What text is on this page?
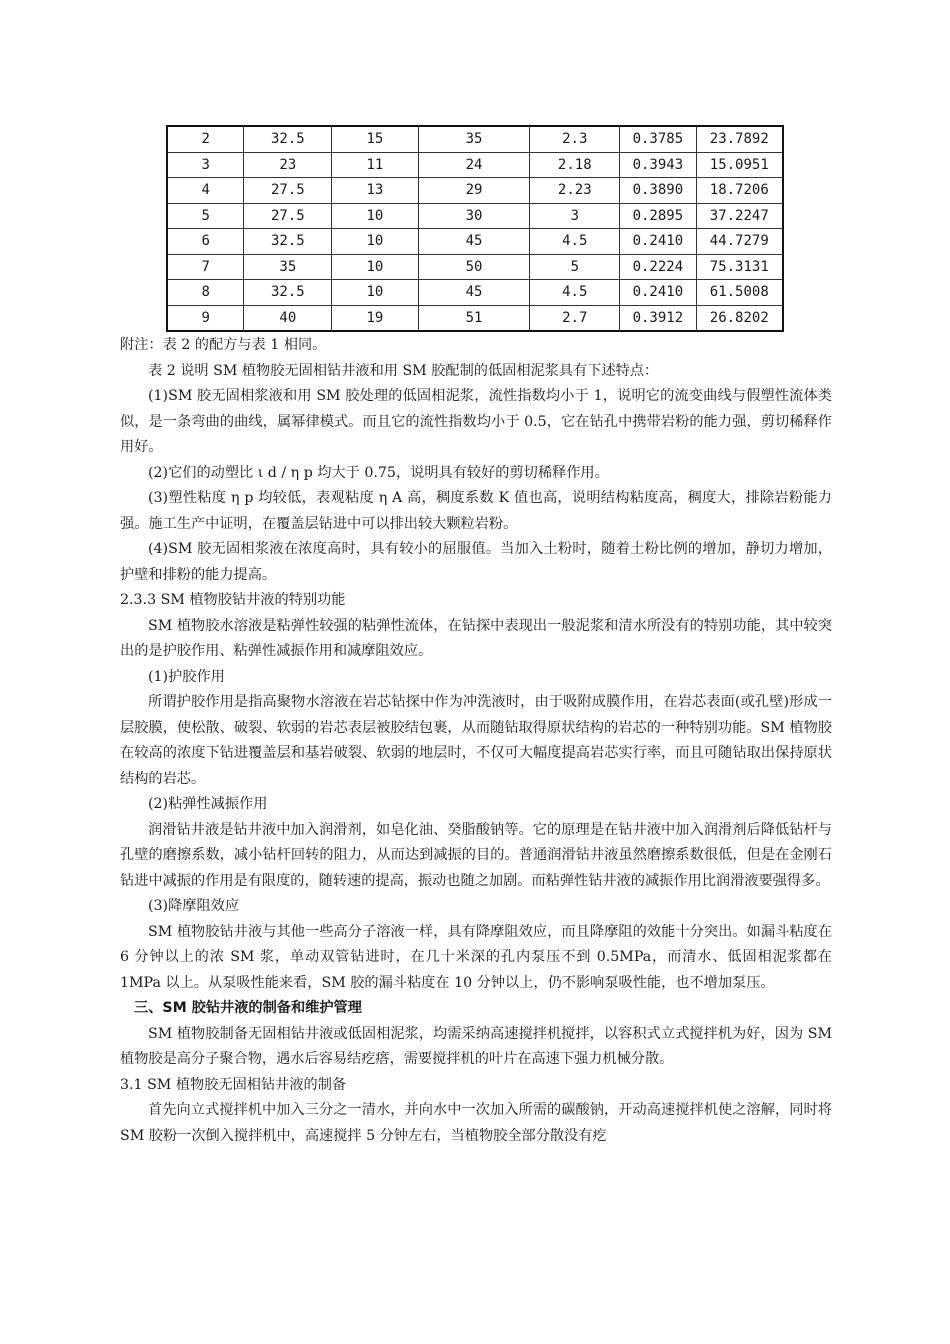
2	32.5	15	35	2.3	0.3785	23.7892
3	23	11	24	2.18	0.3943	15.0951
4	27.5	13	29	2.23	0.3890	18.7206
5	27.5	10	30	3	0.2895	37.2247
6	32.5	10	45	4.5	0.2410	44.7279
7	35	10	50	5	0.2224	75.3131
8	32.5	10	45	4.5	0.2410	61.5008
9	40	19	51	2.7	0.3912	26.8202

附注：表 2 的配方与表 1 相同。

表 2 说明 SM 植物胶无固相钻井液和用 SM 胶配制的低固相泥浆具有下述特点：

(1)SM 胶无固相浆液和用 SM 胶处理的低固相泥浆，流性指数均小于 1，说明它的流变曲线与假塑性流体类似，是一条弯曲的曲线，属幂律模式。而且它的流性指数均小于 0.5，它在钻孔中携带岩粉的能力强，剪切稀释作用好。

(2)它们的动塑比 ι d / η p 均大于 0.75，说明具有较好的剪切稀释作用。

(3)塑性粘度 η p 均较低，表观粘度 η A 高，稠度系数 K 值也高，说明结构粘度高，稠度大，排除岩粉能力强。施工生产中证明，在覆盖层钻进中可以排出较大颗粒岩粉。

(4)SM 胶无固相浆液在浓度高时，具有较小的屈服值。当加入土粉时，随着土粉比例的增加，静切力增加，护壁和排粉的能力提高。

2.3.3 SM 植物胶钻井液的特别功能

SM 植物胶水溶液是粘弹性较强的粘弹性流体，在钻探中表现出一般泥浆和清水所没有的特别功能，其中较突出的是护胶作用、粘弹性减振作用和减摩阻效应。

(1)护胶作用

所谓护胶作用是指高聚物水溶液在岩芯钻探中作为冲洗液时，由于吸附成膜作用，在岩芯表面(或孔壁)形成一层胶膜，使松散、破裂、软弱的岩芯表层被胶结包裹，从而随钻取得原状结构的岩芯的一种特别功能。SM 植物胶在较高的浓度下钻进覆盖层和基岩破裂、软弱的地层时，不仅可大幅度提高岩芯实行率，而且可随钻取出保持原状结构的岩芯。

(2)粘弹性减振作用

润滑钻井液是钻井液中加入润滑剂，如皂化油、癸脂酸钠等。它的原理是在钻井液中加入润滑剂后降低钻杆与孔壁的磨擦系数，减小钻杆回转的阻力，从而达到减振的目的。普通润滑钻井液虽然磨擦系数很低，但是在金刚石钻进中减振的作用是有限度的，随转速的提高，振动也随之加剧。而粘弹性钻井液的减振作用比润滑液要强得多。

(3)降摩阻效应

SM 植物胶钻井液与其他一些高分子溶液一样，具有降摩阻效应，而且降摩阻的效能十分突出。如漏斗粘度在 6 分钟以上的浓 SM 浆，单动双管钻进时，在几十米深的孔内泵压不到 0.5MPa，而清水、低固相泥浆都在 1MPa 以上。从泵吸性能来看，SM 胶的漏斗粘度在 10 分钟以上，仍不影响泵吸性能，也不增加泵压。

三、SM 胶钻井液的制备和维护管理

SM 植物胶制备无固相钻井液或低固相泥浆，均需采纳高速搅拌机搅拌，以容积式立式搅拌机为好，因为 SM 植物胶是高分子聚合物，遇水后容易结疙瘩，需要搅拌机的叶片在高速下强力机械分散。

3.1 SM 植物胶无固相钻井液的制备

首先向立式搅拌机中加入三分之一清水，并向水中一次加入所需的碳酸钠，开动高速搅拌机使之溶解，同时将 SM 胶粉一次倒入搅拌机中，高速搅拌 5 分钟左右，当植物胶全部分散没有疙
